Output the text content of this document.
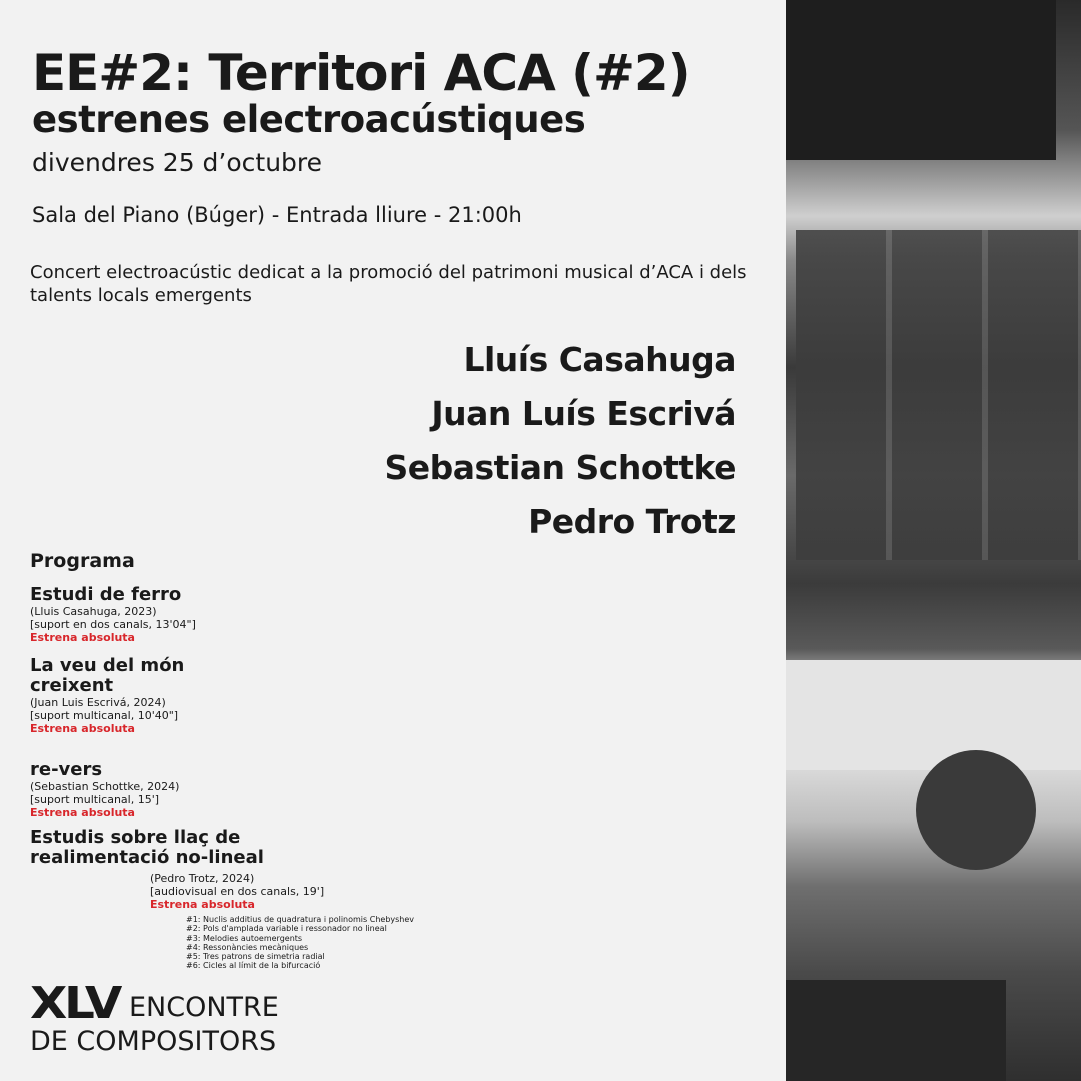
EE#2: Territori ACA (#2)
estrenes electroacústiques
divendres 25 d’octubre
Sala del Piano (Búger) - Entrada lliure - 21:00h
Concert electroacústic dedicat a la promoció del patrimoni musical d’ACA i dels talents locals emergents
Lluís Casahuga
Juan Luís Escrivá
Sebastian Schottke
Pedro Trotz
Programa
Estudi de ferro
(Lluis Casahuga, 2023)
[suport en dos canals, 13'04"]
Estrena absoluta
La veu del món creixent
(Juan Luis Escrivá, 2024)
[suport multicanal, 10'40"]
Estrena absoluta
re-vers
(Sebastian Schottke, 2024)
[suport multicanal, 15']
Estrena absoluta
Estudis sobre llaç de realimentació no-lineal
(Pedro Trotz, 2024)
[audiovisual en dos canals, 19']
Estrena absoluta
#1: Nuclis additius de quadratura i polinomis Chebyshev
#2: Pols d'amplada variable i ressonador no lineal
#3: Melodies autoemergents
#4: Ressonàncies mecàniques
#5: Tres patrons de simetria radial
#6: Cicles al límit de la bifurcació
XLV ENCONTRE
DE COMPOSITORS
